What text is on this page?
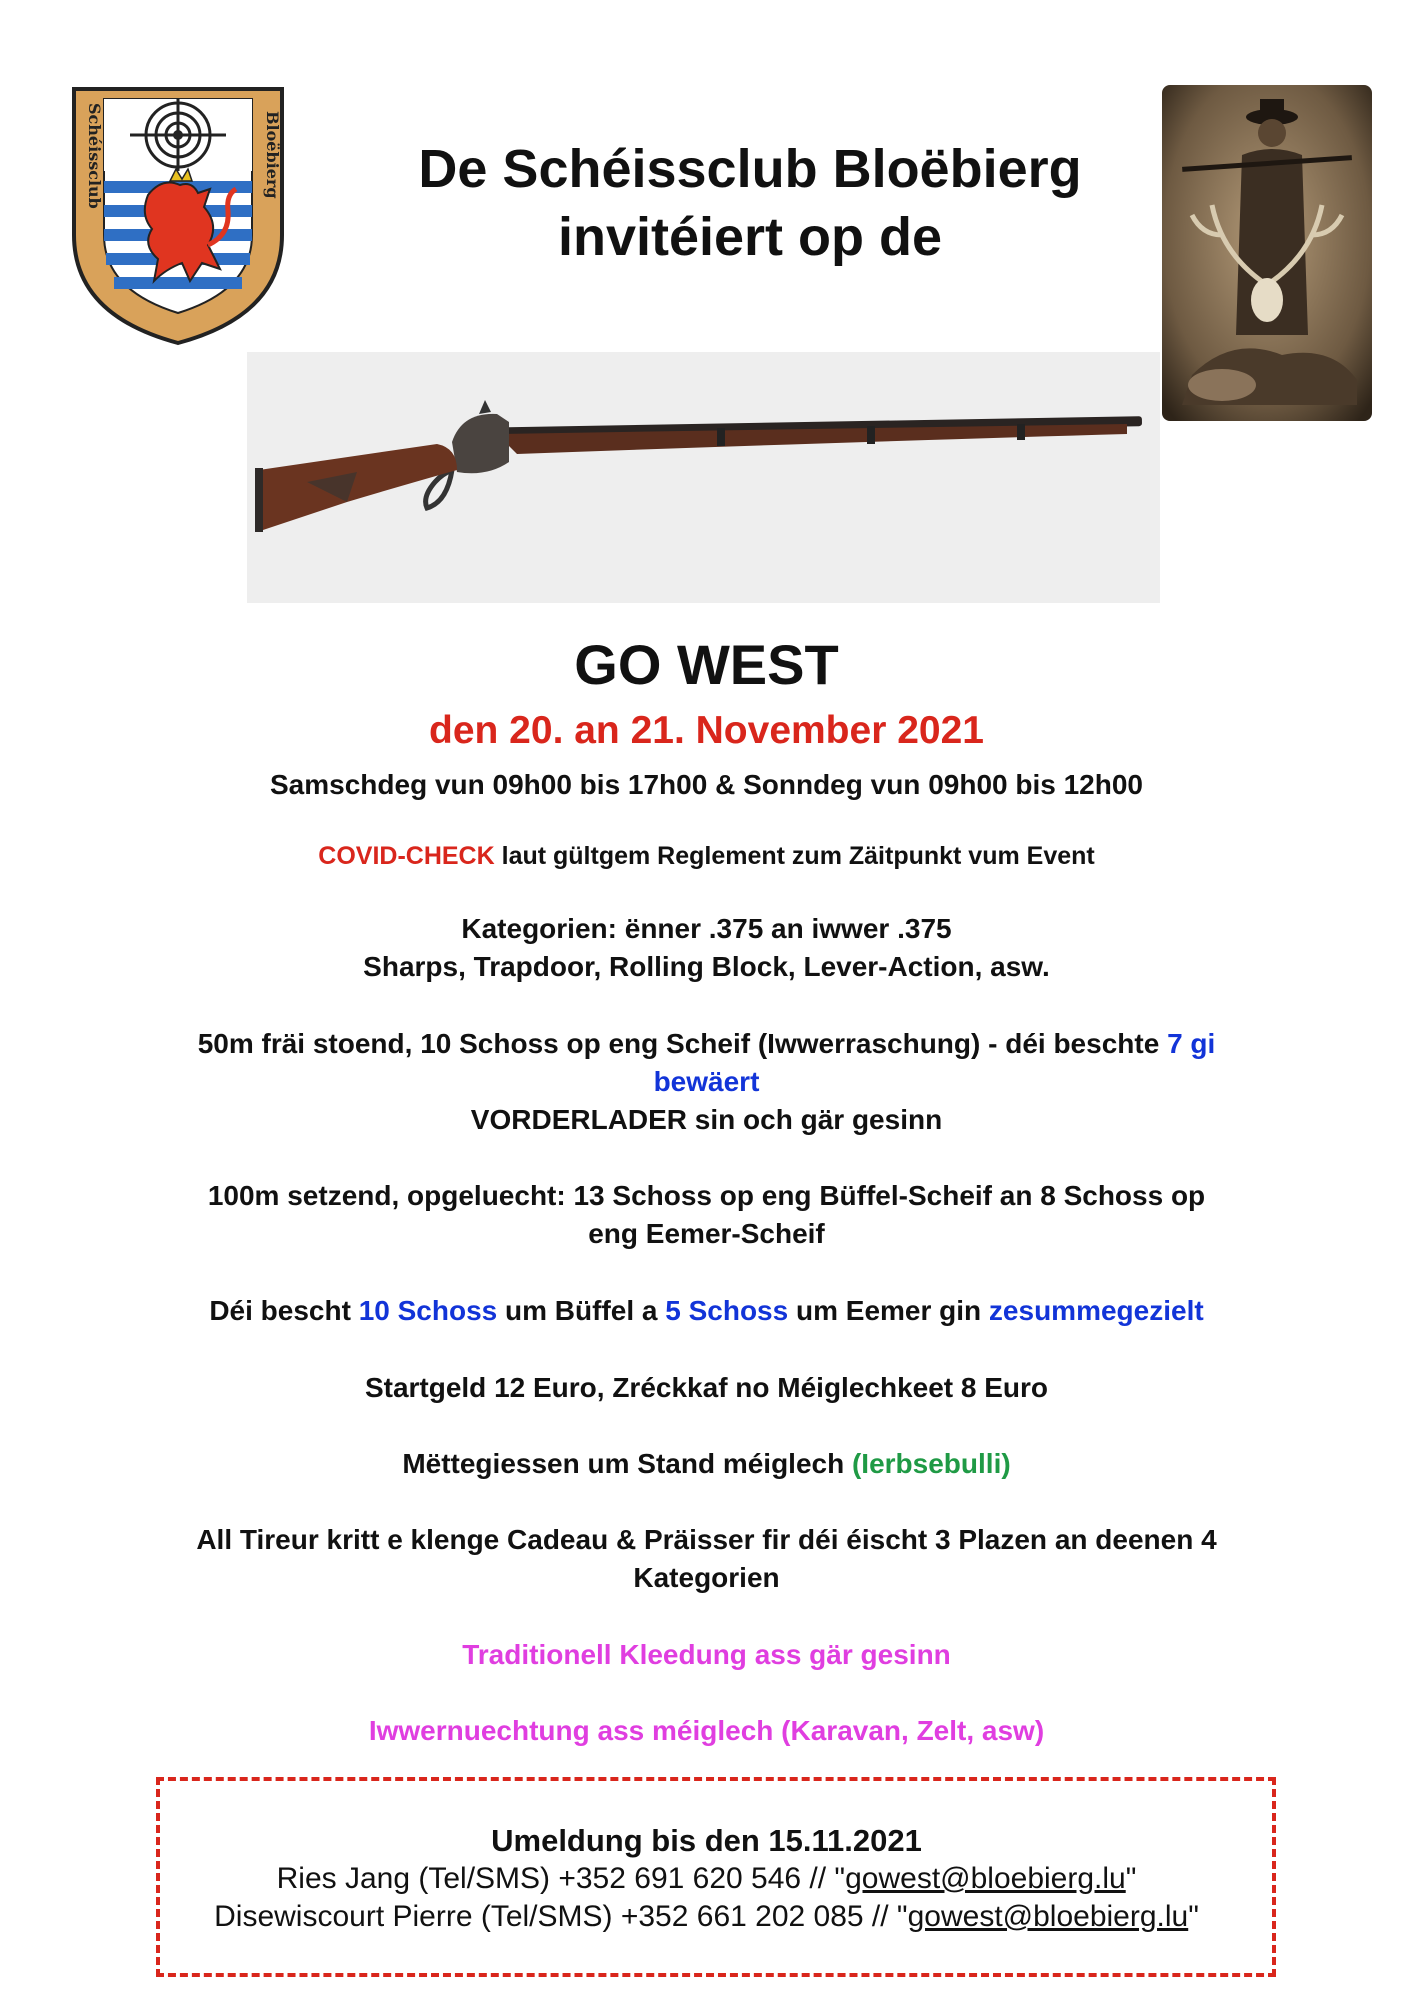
Schéissclub	Bloëbierg	De Schéissclub Bloëbierg
invitéiert op de
GO WEST
den 20. an 21. November 2021
Samschdeg vun 09h00 bis 17h00 & Sonndeg vun 09h00 bis 12h00
COVID-CHECK laut gültgem Reglement zum Zäitpunkt vum Event
Kategorien: ënner .375 an iwwer .375
Sharps, Trapdoor, Rolling Block, Lever-Action, asw.
50m fräi stoend, 10 Schoss op eng Scheif (Iwwerraschung) - déi beschte 7 gi
bewäert
VORDERLADER sin och gär gesinn
100m setzend, opgeluecht: 13 Schoss op eng Büffel-Scheif an 8 Schoss op
eng Eemer-Scheif
Déi bescht 10 Schoss um Büffel a 5 Schoss um Eemer gin zesummegezielt
Startgeld 12 Euro, Zréckkaf no Méiglechkeet 8 Euro
Mëttegiessen um Stand méiglech (Ierbsebulli)
All Tireur kritt e klenge Cadeau & Präisser fir déi éischt 3 Plazen an deenen 4
Kategorien
Traditionell Kleedung ass gär gesinn
Iwwernuechtung ass méiglech (Karavan, Zelt, asw)
Umeldung bis den 15.11.2021
Ries Jang (Tel/SMS) +352 691 620 546 // "gowest@bloebierg.lu"
Disewiscourt Pierre (Tel/SMS) +352 661 202 085 // "gowest@bloebierg.lu"
